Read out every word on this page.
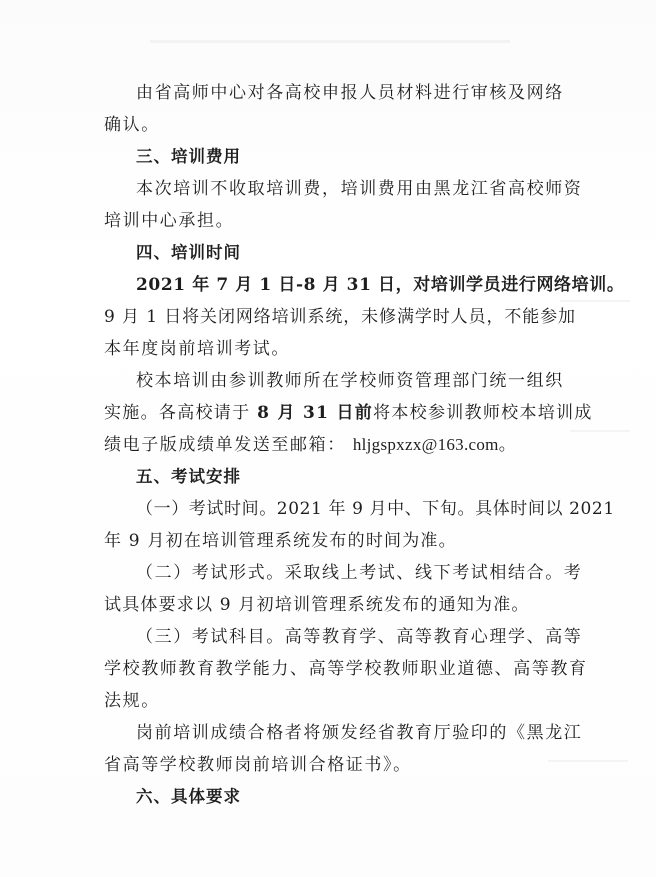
由省高师中心对各高校申报人员材料进行审核及网络
确认。
三、培训费用
本次培训不收取培训费，培训费用由黑龙江省高校师资
培训中心承担。
四、培训时间
2021 年 7 月 1 日-8 月 31 日，对培训学员进行网络培训。
9 月 1 日将关闭网络培训系统，未修满学时人员，不能参加
本年度岗前培训考试。
校本培训由参训教师所在学校师资管理部门统一组织
实施。各高校请于 8 月 31 日前将本校参训教师校本培训成
绩电子版成绩单发送至邮箱： hljgspxzx@163.com。
五、考试安排
（一）考试时间。2021 年 9 月中、下旬。具体时间以 2021
年 9 月初在培训管理系统发布的时间为准。
（二）考试形式。采取线上考试、线下考试相结合。考
试具体要求以 9 月初培训管理系统发布的通知为准。
（三）考试科目。高等教育学、高等教育心理学、高等
学校教师教育教学能力、高等学校教师职业道德、高等教育
法规。
岗前培训成绩合格者将颁发经省教育厅验印的《黑龙江
省高等学校教师岗前培训合格证书》。
六、具体要求
